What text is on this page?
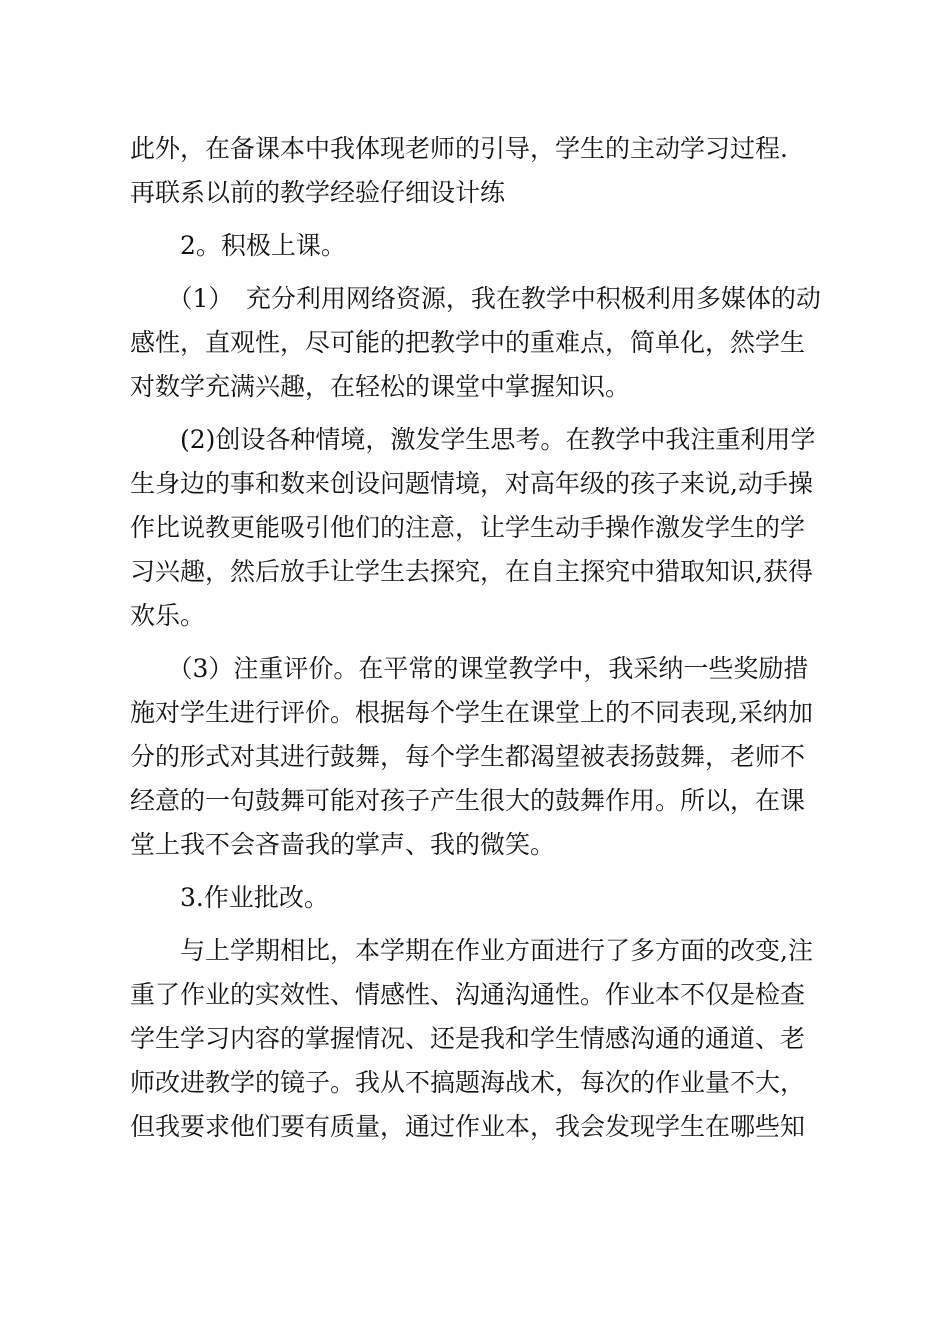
此外，在备课本中我体现老师的引导，学生的主动学习过程.
再联系以前的教学经验仔细设计练
　　2。积极上课。
　　（1）　充分利用网络资源，我在教学中积极利用多媒体的动
感性，直观性，尽可能的把教学中的重难点，简单化，然学生
对数学充满兴趣，在轻松的课堂中掌握知识。
　　(2)创设各种情境，激发学生思考。在教学中我注重利用学
生身边的事和数来创设问题情境，对高年级的孩子来说,动手操
作比说教更能吸引他们的注意，让学生动手操作激发学生的学
习兴趣，然后放手让学生去探究，在自主探究中猎取知识,获得
欢乐。
　　（3）注重评价。在平常的课堂教学中，我采纳一些奖励措
施对学生进行评价。根据每个学生在课堂上的不同表现,采纳加
分的形式对其进行鼓舞，每个学生都渴望被表扬鼓舞，老师不
经意的一句鼓舞可能对孩子产生很大的鼓舞作用。所以，在课
堂上我不会吝啬我的掌声、我的微笑。
　　3.作业批改。
　　与上学期相比，本学期在作业方面进行了多方面的改变,注
重了作业的实效性、情感性、沟通沟通性。作业本不仅是检查
学生学习内容的掌握情况、还是我和学生情感沟通的通道、老
师改进教学的镜子。我从不搞题海战术，每次的作业量不大，
但我要求他们要有质量，通过作业本，我会发现学生在哪些知
